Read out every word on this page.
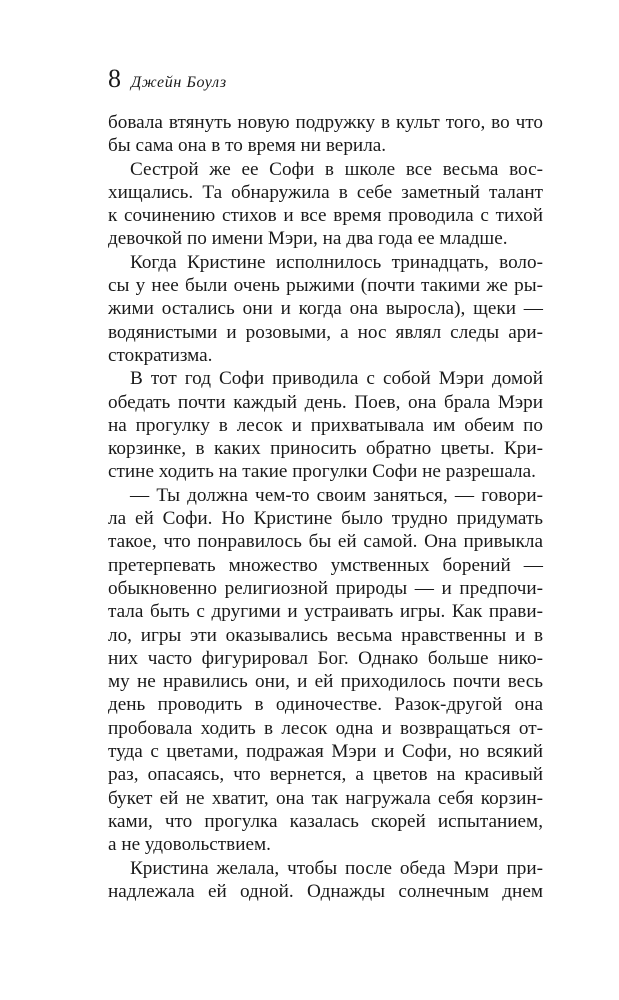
8 Джейн Боулз
бовала втянуть новую подружку в культ того, во что
бы сама она в то время ни верила.
Сестрой же ее Софи в школе все весьма вос-
хищались. Та обнаружила в себе заметный талант
к сочинению стихов и все время проводила с тихой
девочкой по имени Мэри, на два года ее младше.
Когда Кристине исполнилось тринадцать, воло-
сы у нее были очень рыжими (почти такими же ры-
жими остались они и когда она выросла), щеки —
водянистыми и розовыми, а нос являл следы ари-
стократизма.
В тот год Софи приводила с собой Мэри домой
обедать почти каждый день. Поев, она брала Мэри
на прогулку в лесок и прихватывала им обеим по
корзинке, в каких приносить обратно цветы. Кри-
стине ходить на такие прогулки Софи не разрешала.
— Ты должна чем-то своим заняться, — говори-
ла ей Софи. Но Кристине было трудно придумать
такое, что понравилось бы ей самой. Она привыкла
претерпевать множество умственных борений —
обыкновенно религиозной природы — и предпочи-
тала быть с другими и устраивать игры. Как прави-
ло, игры эти оказывались весьма нравственны и в
них часто фигурировал Бог. Однако больше нико-
му не нравились они, и ей приходилось почти весь
день проводить в одиночестве. Разок-другой она
пробовала ходить в лесок одна и возвращаться от-
туда с цветами, подражая Мэри и Софи, но всякий
раз, опасаясь, что вернется, а цветов на красивый
букет ей не хватит, она так нагружала себя корзин-
ками, что прогулка казалась скорей испытанием,
а не удовольствием.
Кристина желала, чтобы после обеда Мэри при-
надлежала ей одной. Однажды солнечным днем
